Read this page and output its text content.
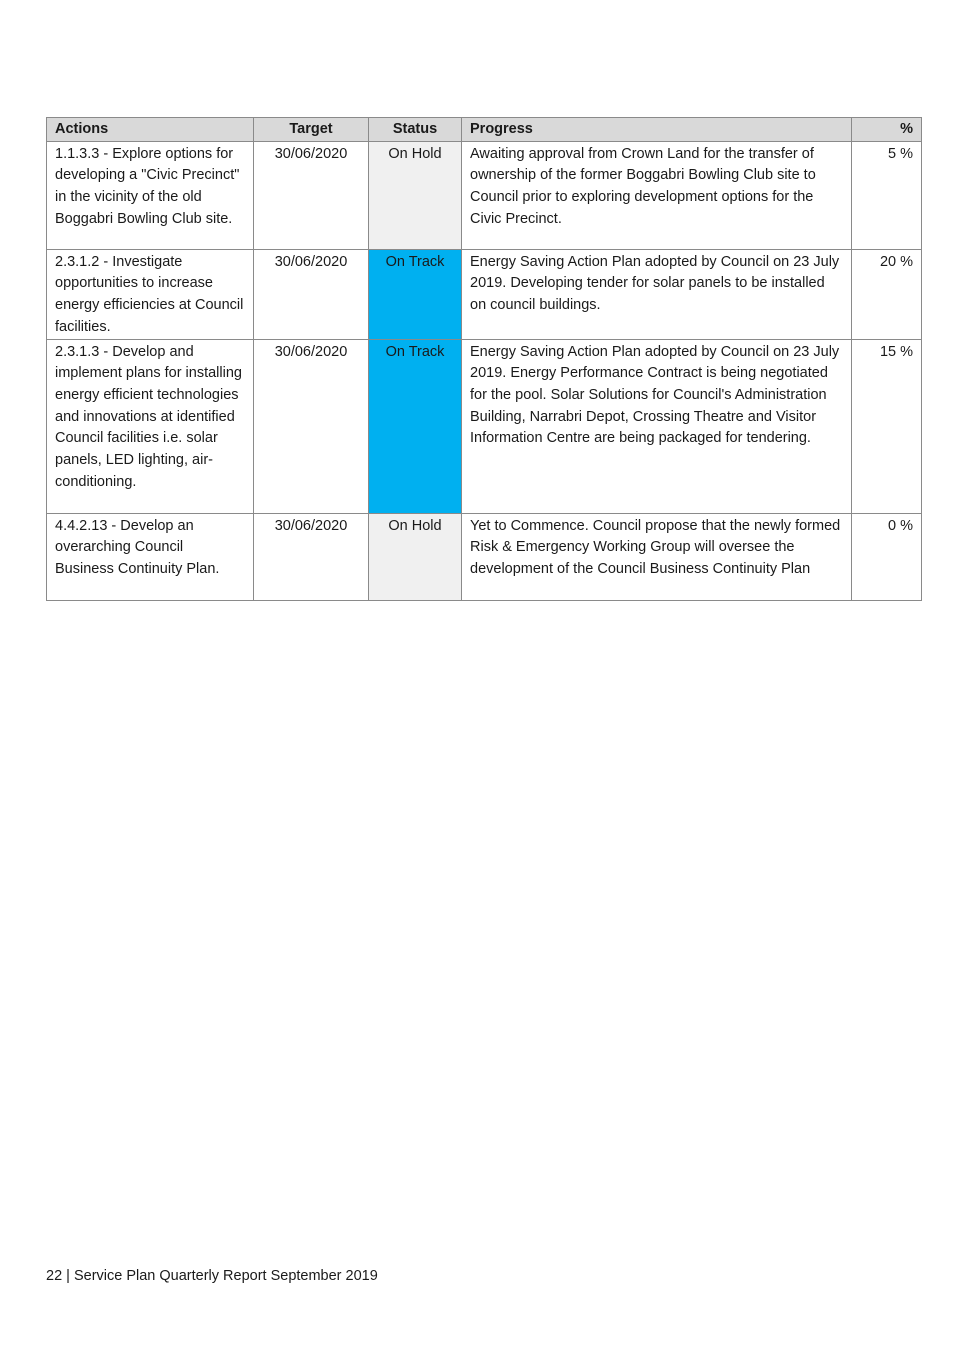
Actions	Target	Status	Progress	%
1.1.3.3 - Explore options for developing a "Civic Precinct" in the vicinity of the old Boggabri Bowling Club site.	30/06/2020	On Hold	Awaiting approval from Crown Land for the transfer of ownership of the former Boggabri Bowling Club site to Council prior to exploring development options for the Civic Precinct.	5 %
2.3.1.2 - Investigate opportunities to increase energy efficiencies at Council facilities.	30/06/2020	On Track	Energy Saving Action Plan adopted by Council on 23 July 2019. Developing tender for solar panels to be installed on council buildings.	20 %
2.3.1.3 - Develop and implement plans for installing energy efficient technologies and innovations at identified Council facilities i.e. solar panels, LED lighting, air-conditioning.	30/06/2020	On Track	Energy Saving Action Plan adopted by Council on 23 July 2019. Energy Performance Contract is being negotiated for the pool. Solar Solutions for Council's Administration Building, Narrabri Depot, Crossing Theatre and Visitor Information Centre are being packaged for tendering.	15 %
4.4.2.13 - Develop an overarching Council Business Continuity Plan.	30/06/2020	On Hold	Yet to Commence. Council propose that the newly formed Risk & Emergency Working Group will oversee the development of the Council Business Continuity Plan	0 %
22 | Service Plan Quarterly Report September 2019
